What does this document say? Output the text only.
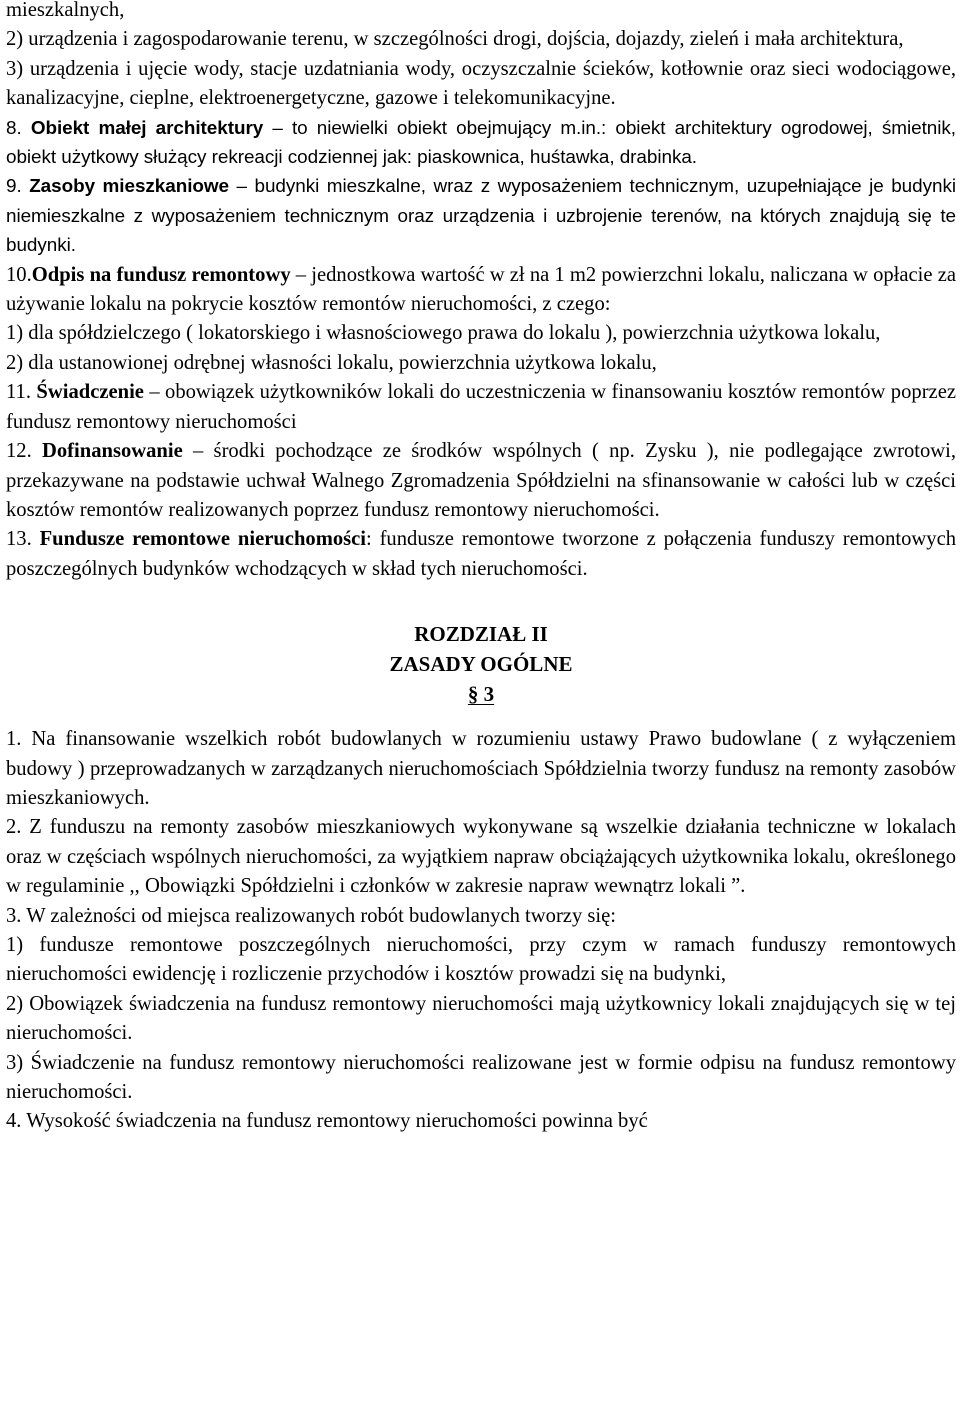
mieszkalnych,

2) urządzenia i zagospodarowanie terenu, w szczególności drogi, dojścia, dojazdy, zieleń i mała architektura,

3) urządzenia i ujęcie wody, stacje uzdatniania wody, oczyszczalnie ścieków, kotłownie oraz sieci wodociągowe, kanalizacyjne, cieplne, elektroenergetyczne, gazowe i telekomunikacyjne.

8. Obiekt małej architektury – to niewielki obiekt obejmujący m.in.: obiekt architektury ogrodowej, śmietnik, obiekt użytkowy służący rekreacji codziennej jak: piaskownica, huśtawka, drabinka.

9. Zasoby mieszkaniowe – budynki mieszkalne, wraz z wyposażeniem technicznym, uzupełniające je budynki niemieszkalne z wyposażeniem technicznym oraz urządzenia i uzbrojenie terenów, na których znajdują się te budynki.

10.Odpis na fundusz remontowy – jednostkowa wartość w zł na 1 m2 powierzchni lokalu, naliczana w opłacie za używanie lokalu na pokrycie kosztów remontów nieruchomości, z czego:

1) dla spółdzielczego ( lokatorskiego i własnościowego prawa do lokalu ), powierzchnia użytkowa lokalu,

2) dla ustanowionej odrębnej własności lokalu, powierzchnia użytkowa lokalu,

11. Świadczenie – obowiązek użytkowników lokali do uczestniczenia w finansowaniu kosztów remontów poprzez fundusz remontowy nieruchomości

12. Dofinansowanie – środki pochodzące ze środków wspólnych ( np. Zysku ), nie podlegające zwrotowi, przekazywane na podstawie uchwał Walnego Zgromadzenia Spółdzielni na sfinansowanie w całości lub w części kosztów remontów realizowanych poprzez fundusz remontowy nieruchomości.

13. Fundusze remontowe nieruchomości: fundusze remontowe tworzone z połączenia funduszy remontowych poszczególnych budynków wchodzących w skład tych nieruchomości.

ROZDZIAŁ II

ZASADY OGÓLNE

§ 3

1. Na finansowanie wszelkich robót budowlanych w rozumieniu ustawy Prawo budowlane ( z wyłączeniem budowy ) przeprowadzanych w zarządzanych nieruchomościach Spółdzielnia tworzy fundusz na remonty zasobów mieszkaniowych.

2. Z funduszu na remonty zasobów mieszkaniowych wykonywane są wszelkie działania techniczne w lokalach oraz w częściach wspólnych nieruchomości, za wyjątkiem napraw obciążających użytkownika lokalu, określonego w regulaminie ,, Obowiązki Spółdzielni i członków w zakresie napraw wewnątrz lokali ˮ.

3. W zależności od miejsca realizowanych robót budowlanych tworzy się:

1) fundusze remontowe poszczególnych nieruchomości, przy czym w ramach funduszy remontowych nieruchomości ewidencję i rozliczenie przychodów i kosztów prowadzi się na budynki,

2) Obowiązek świadczenia na fundusz remontowy nieruchomości mają użytkownicy lokali znajdujących się w tej nieruchomości.

3) Świadczenie na fundusz remontowy nieruchomości realizowane jest w formie odpisu na fundusz remontowy nieruchomości.

4. Wysokość świadczenia na fundusz remontowy nieruchomości powinna być
